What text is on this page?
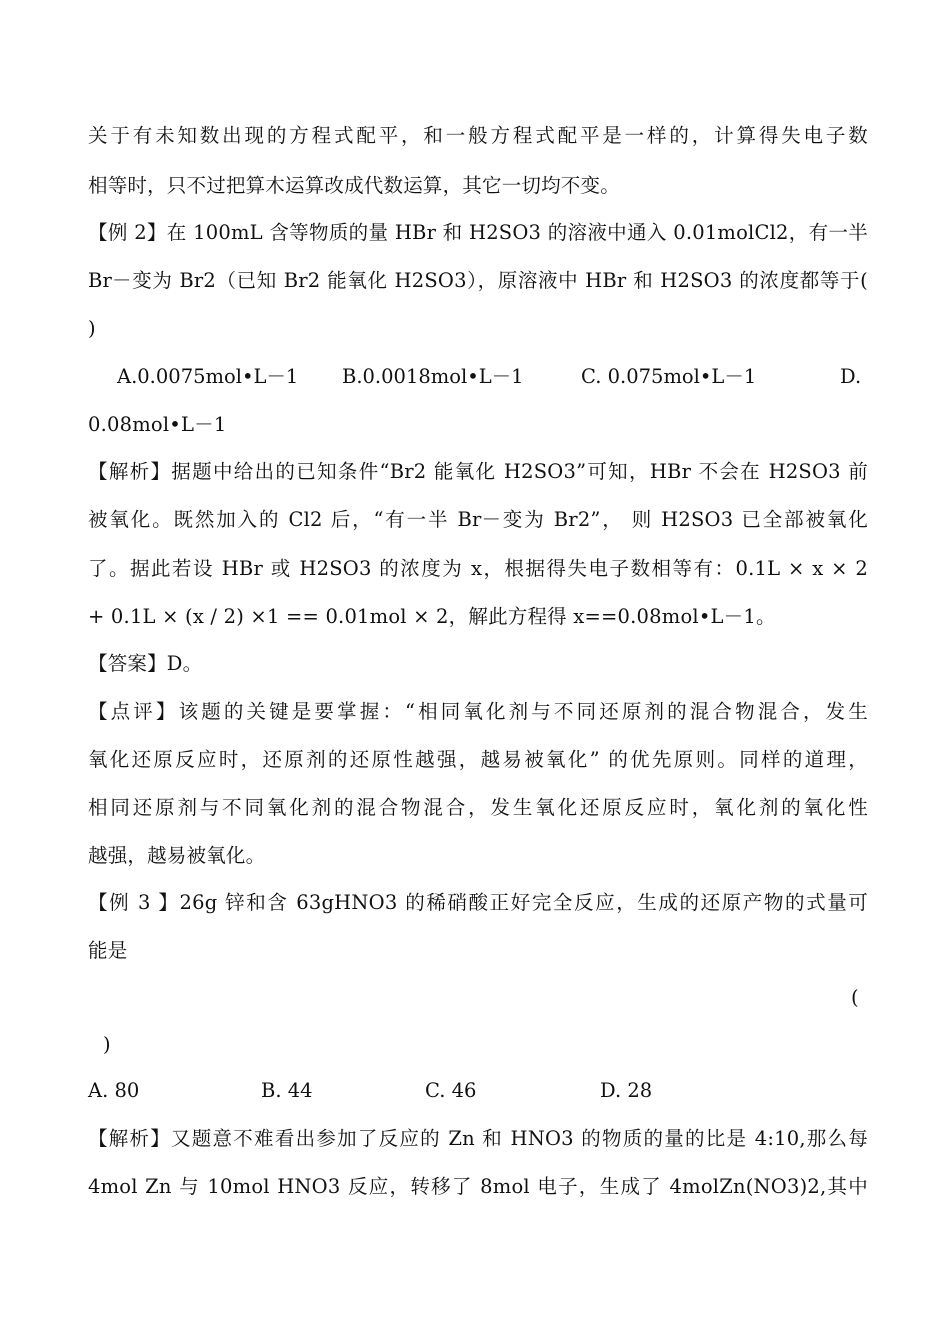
关于有未知数出现的方程式配平，和一般方程式配平是一样的，计算得失电子数
相等时，只不过把算木运算改成代数运算，其它一切均不变。
【例 2】在 100mL 含等物质的量 HBr 和 H2SO3 的溶液中通入 0.01molCl2，有一半
Br－变为 Br2（已知 Br2 能氧化 H2SO3），原溶液中 HBr 和 H2SO3 的浓度都等于(
)
A.0.0075mol•L－1 B.0.0018mol•L－1	C. 0.075mol•L－1	D.
0.08mol•L－1
【解析】据题中给出的已知条件“Br2 能氧化 H2SO3”可知，HBr 不会在 H2SO3 前
被氧化。既然加入的 Cl2 后，“有一半 Br－变为 Br2”， 则 H2SO3 已全部被氧化
了。据此若设 HBr 或 H2SO3 的浓度为 x，根据得失电子数相等有：0.1L × x × 2
+ 0.1L × (x / 2) ×1 == 0.01mol × 2，解此方程得 x==0.08mol•L－1。
【答案】D。
【点评】该题的关键是要掌握：“相同氧化剂与不同还原剂的混合物混合，发生
氧化还原反应时，还原剂的还原性越强，越易被氧化” 的优先原则。同样的道理，
相同还原剂与不同氧化剂的混合物混合，发生氧化还原反应时，氧化剂的氧化性
越强，越易被氧化。
【例 3 】26g 锌和含 63gHNO3 的稀硝酸正好完全反应，生成的还原产物的式量可
能是
(
)
A. 80	B. 44	C. 46	D. 28
【解析】又题意不难看出参加了反应的 Zn 和 HNO3 的物质的量的比是 4:10,那么每
4mol Zn 与 10mol HNO3 反应，转移了 8mol 电子，生成了 4molZn(NO3)2,其中
